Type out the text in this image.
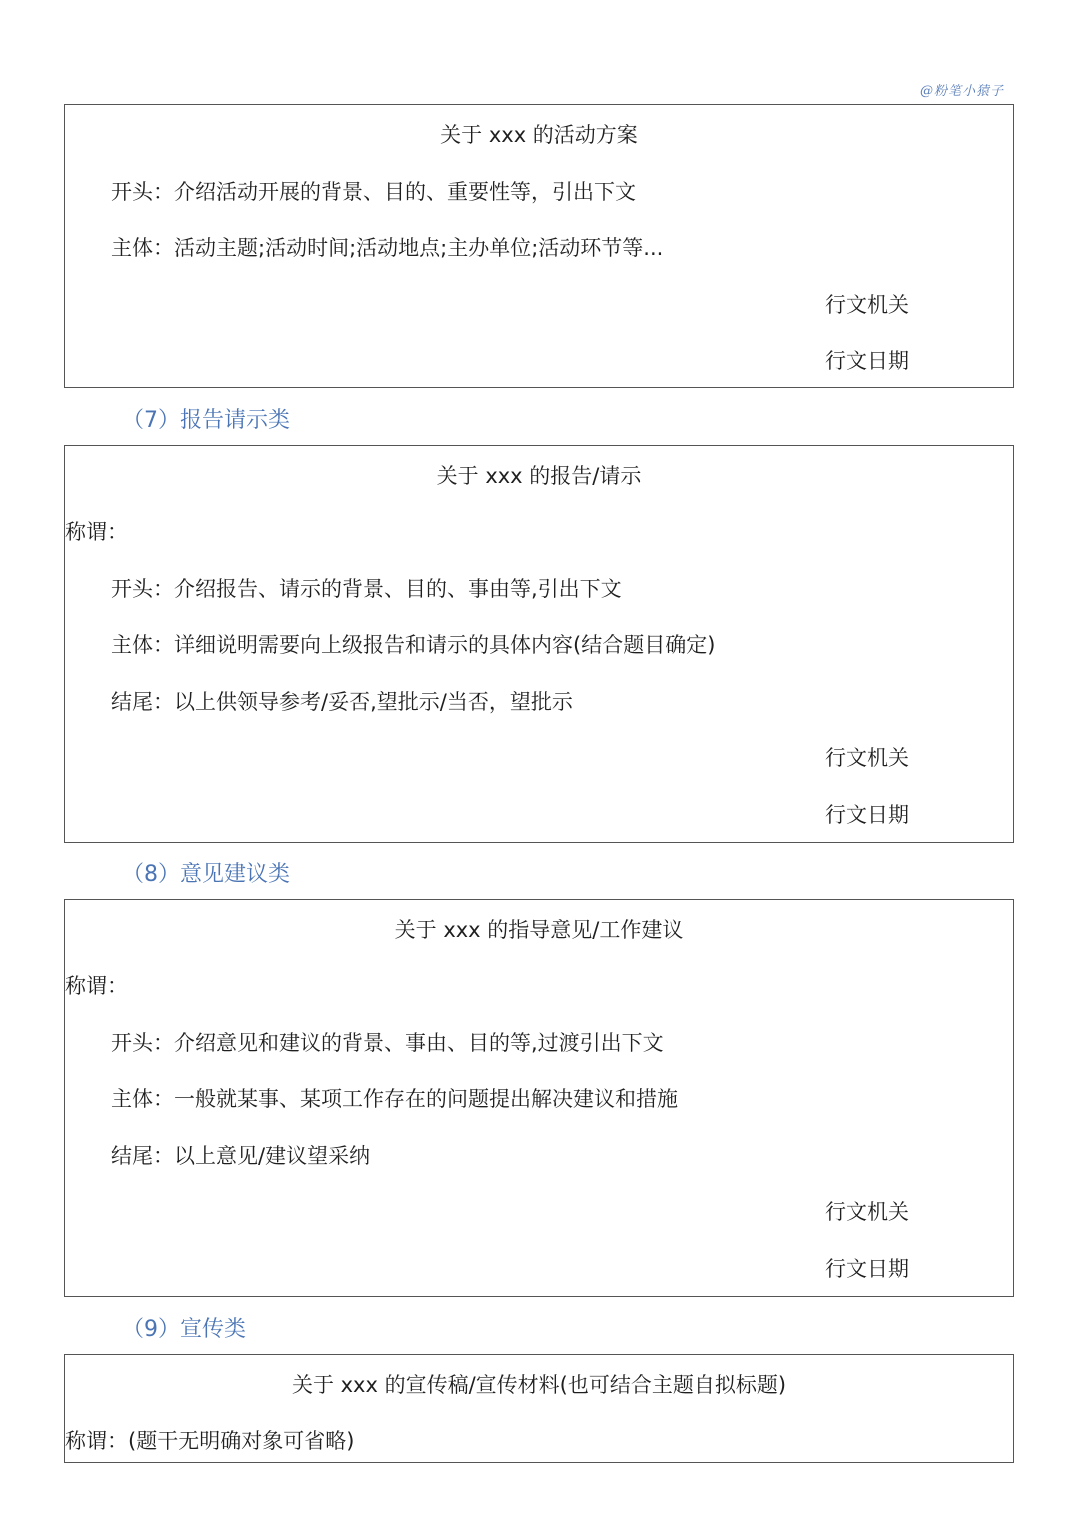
@粉笔小猿子
关于 xxx 的活动方案
开头：介绍活动开展的背景、目的、重要性等，引出下文
主体：活动主题;活动时间;活动地点;主办单位;活动环节等...
行文机关
行文日期
（7）报告请示类
关于 xxx 的报告/请示
称谓：
开头：介绍报告、请示的背景、目的、事由等,引出下文
主体：详细说明需要向上级报告和请示的具体内容(结合题目确定)
结尾：以上供领导参考/妥否,望批示/当否，望批示
行文机关
行文日期
（8）意见建议类
关于 xxx 的指导意见/工作建议
称谓：
开头：介绍意见和建议的背景、事由、目的等,过渡引出下文
主体：一般就某事、某项工作存在的问题提出解决建议和措施
结尾：以上意见/建议望采纳
行文机关
行文日期
（9）宣传类
关于 xxx 的宣传稿/宣传材料(也可结合主题自拟标题)
称谓：(题干无明确对象可省略)
